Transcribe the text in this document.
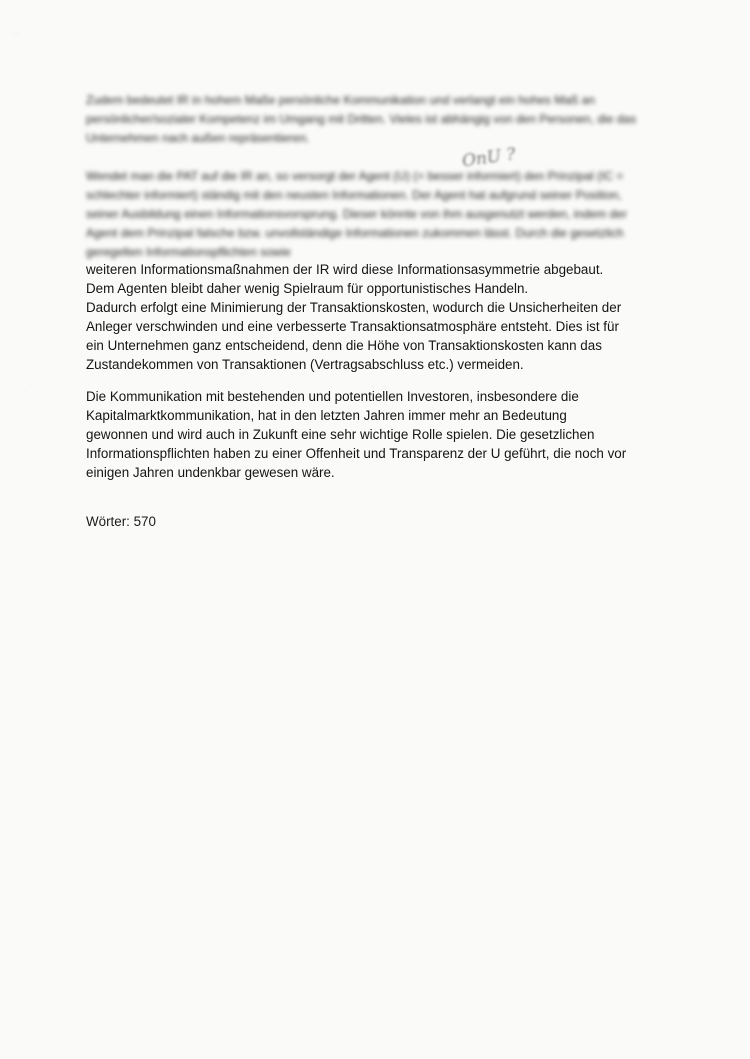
· ·
·

Zudem bedeutet IR in hohem Maße persönliche Kommunikation und verlangt ein hohes Maß an persönlicher/sozialer Kompetenz im Umgang mit Dritten. Vieles ist abhängig von den Personen, die das Unternehmen nach außen repräsentieren.

OnU ?

Wendet man die PAT auf die IR an, so versorgt der Agent (U) (= besser informiert) den Prinzipal (IC = schlechter informiert) ständig mit den neusten Informationen. Der Agent hat aufgrund seiner Position, seiner Ausbildung einen Informationsvorsprung. Dieser könnte von ihm ausgenutzt werden, indem der Agent dem Prinzipal falsche bzw. unvollständige Informationen zukommen lässt. Durch die gesetzlich geregelten Informationspflichten sowie

weiteren Informationsmaßnahmen der IR wird diese Informationsasymmetrie abgebaut.

Dem Agenten bleibt daher wenig Spielraum für opportunistisches Handeln.

Dadurch erfolgt eine Minimierung der Transaktionskosten, wodurch die Unsicherheiten der

Anleger verschwinden und eine verbesserte Transaktionsatmosphäre entsteht. Dies ist für

ein Unternehmen ganz entscheidend, denn die Höhe von Transaktionskosten kann das

Zustandekommen von Transaktionen (Vertragsabschluss etc.) vermeiden.

Die Kommunikation mit bestehenden und potentiellen Investoren, insbesondere die

Kapitalmarktkommunikation, hat in den letzten Jahren immer mehr an Bedeutung

gewonnen und wird auch in Zukunft eine sehr wichtige Rolle spielen. Die gesetzlichen

Informationspflichten haben zu einer Offenheit und Transparenz der U geführt, die noch vor

einigen Jahren undenkbar gewesen wäre.

Wörter: 570
